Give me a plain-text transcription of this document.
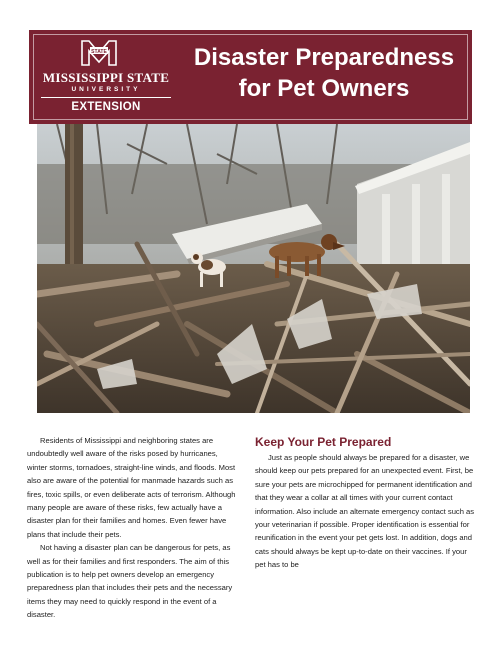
STATE
MISSISSIPPI STATE
UNIVERSITY
EXTENSION
Disaster Preparedness
for Pet Owners

Residents of Mississippi and neighboring states are undoubtedly well aware of the risks posed by hurricanes, winter storms, tornadoes, straight-line winds, and floods. Most also are aware of the potential for manmade hazards such as fires, toxic spills, or even deliberate acts of terrorism. Although many people are aware of these risks, few actually have a disaster plan for their families and homes. Even fewer have plans that include their pets.

Not having a disaster plan can be dangerous for pets, as well as for their families and first responders. The aim of this publication is to help pet owners develop an emergency preparedness plan that includes their pets and the necessary items they may need to quickly respond in the event of a disaster.

Keep Your Pet Prepared

Just as people should always be prepared for a disaster, we should keep our pets prepared for an unexpected event. First, be sure your pets are microchipped for permanent identification and that they wear a collar at all times with your current contact information. Also include an alternate emergency contact such as your veterinarian if possible. Proper identification is essential for reunification in the event your pet gets lost. In addition, dogs and cats should always be kept up-to-date on their vaccines. If your pet has to be
